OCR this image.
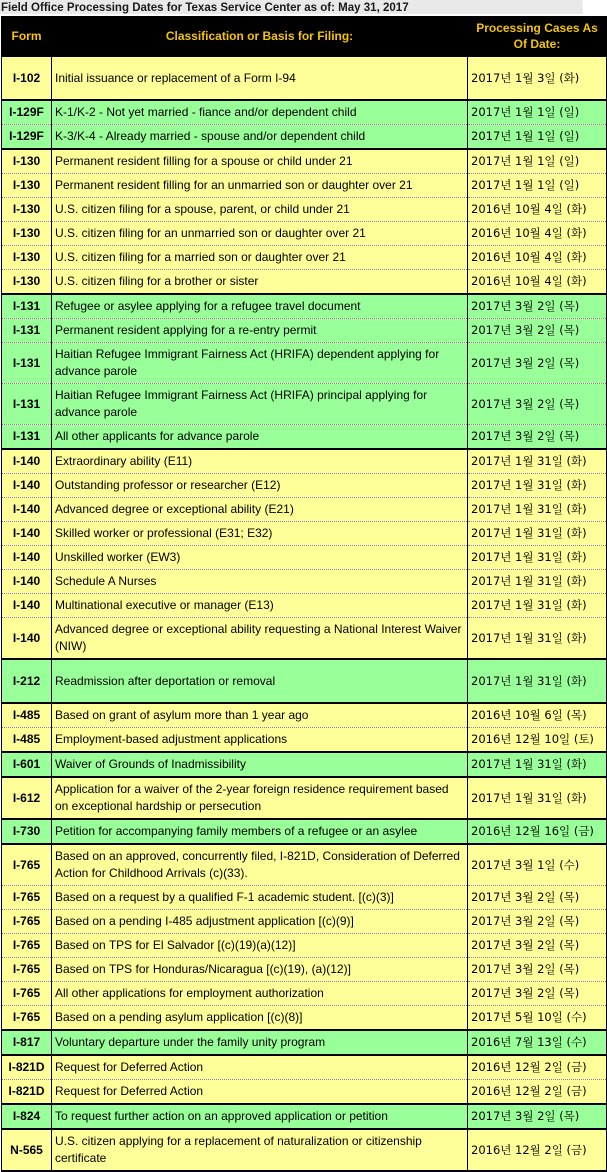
Field Office Processing Dates for Texas Service Center as of: May 31, 2017
Form	Classification or Basis for Filing:	Processing Cases As Of Date:
I-102	Initial issuance or replacement of a Form I-94	2017년 1월 3일 (화)
I-129F	K-1/K-2 - Not yet married - fiance and/or dependent child	2017년 1월 1일 (일)
I-129F	K-3/K-4 - Already married - spouse and/or dependent child	2017년 1월 1일 (일)
I-130	Permanent resident filling for a spouse or child under 21	2017년 1월 1일 (일)
I-130	Permanent resident filling for an unmarried son or daughter over 21	2017년 1월 1일 (일)
I-130	U.S. citizen filing for a spouse, parent, or child under 21	2016년 10월 4일 (화)
I-130	U.S. citizen filing for an unmarried son or daughter over 21	2016년 10월 4일 (화)
I-130	U.S. citizen filing for a married son or daughter over 21	2016년 10월 4일 (화)
I-130	U.S. citizen filing for a brother or sister	2016년 10월 4일 (화)
I-131	Refugee or asylee applying for a refugee travel document	2017년 3월 2일 (목)
I-131	Permanent resident applying for a re-entry permit	2017년 3월 2일 (목)
I-131	Haitian Refugee Immigrant Fairness Act (HRIFA) dependent applying for advance parole	2017년 3월 2일 (목)
I-131	Haitian Refugee Immigrant Fairness Act (HRIFA) principal applying for advance parole	2017년 3월 2일 (목)
I-131	All other applicants for advance parole	2017년 3월 2일 (목)
I-140	Extraordinary ability (E11)	2017년 1월 31일 (화)
I-140	Outstanding professor or researcher (E12)	2017년 1월 31일 (화)
I-140	Advanced degree or exceptional ability (E21)	2017년 1월 31일 (화)
I-140	Skilled worker or professional (E31; E32)	2017년 1월 31일 (화)
I-140	Unskilled worker (EW3)	2017년 1월 31일 (화)
I-140	Schedule A Nurses	2017년 1월 31일 (화)
I-140	Multinational executive or manager (E13)	2017년 1월 31일 (화)
I-140	Advanced degree or exceptional ability requesting a National Interest Waiver (NIW)	2017년 1월 31일 (화)
I-212	Readmission after deportation or removal	2017년 1월 31일 (화)
I-485	Based on grant of asylum more than 1 year ago	2016년 10월 6일 (목)
I-485	Employment-based adjustment applications	2016년 12월 10일 (토)
I-601	Waiver of Grounds of Inadmissibility	2017년 1월 31일 (화)
I-612	Application for a waiver of the 2-year foreign residence requirement based on exceptional hardship or persecution	2017년 1월 31일 (화)
I-730	Petition for accompanying family members of a refugee or an asylee	2016년 12월 16일 (금)
I-765	Based on an approved, concurrently filed, I-821D, Consideration of Deferred Action for Childhood Arrivals (c)(33).	2017년 3월 1일 (수)
I-765	Based on a request by a qualified F-1 academic student. [(c)(3)]	2017년 3월 2일 (목)
I-765	Based on a pending I-485 adjustment application [(c)(9)]	2017년 3월 2일 (목)
I-765	Based on TPS for El Salvador [(c)(19)(a)(12)]	2017년 3월 2일 (목)
I-765	Based on TPS for Honduras/Nicaragua [(c)(19), (a)(12)]	2017년 3월 2일 (목)
I-765	All other applications for employment authorization	2017년 3월 2일 (목)
I-765	Based on a pending asylum application [(c)(8)]	2017년 5월 10일 (수)
I-817	Voluntary departure under the family unity program	2016년 7월 13일 (수)
I-821D	Request for Deferred Action	2016년 12월 2일 (금)
I-821D	Request for Deferred Action	2016년 12월 2일 (금)
I-824	To request further action on an approved application or petition	2017년 3월 2일 (목)
N-565	U.S. citizen applying for a replacement of naturalization or citizenship certificate	2016년 12월 2일 (금)
